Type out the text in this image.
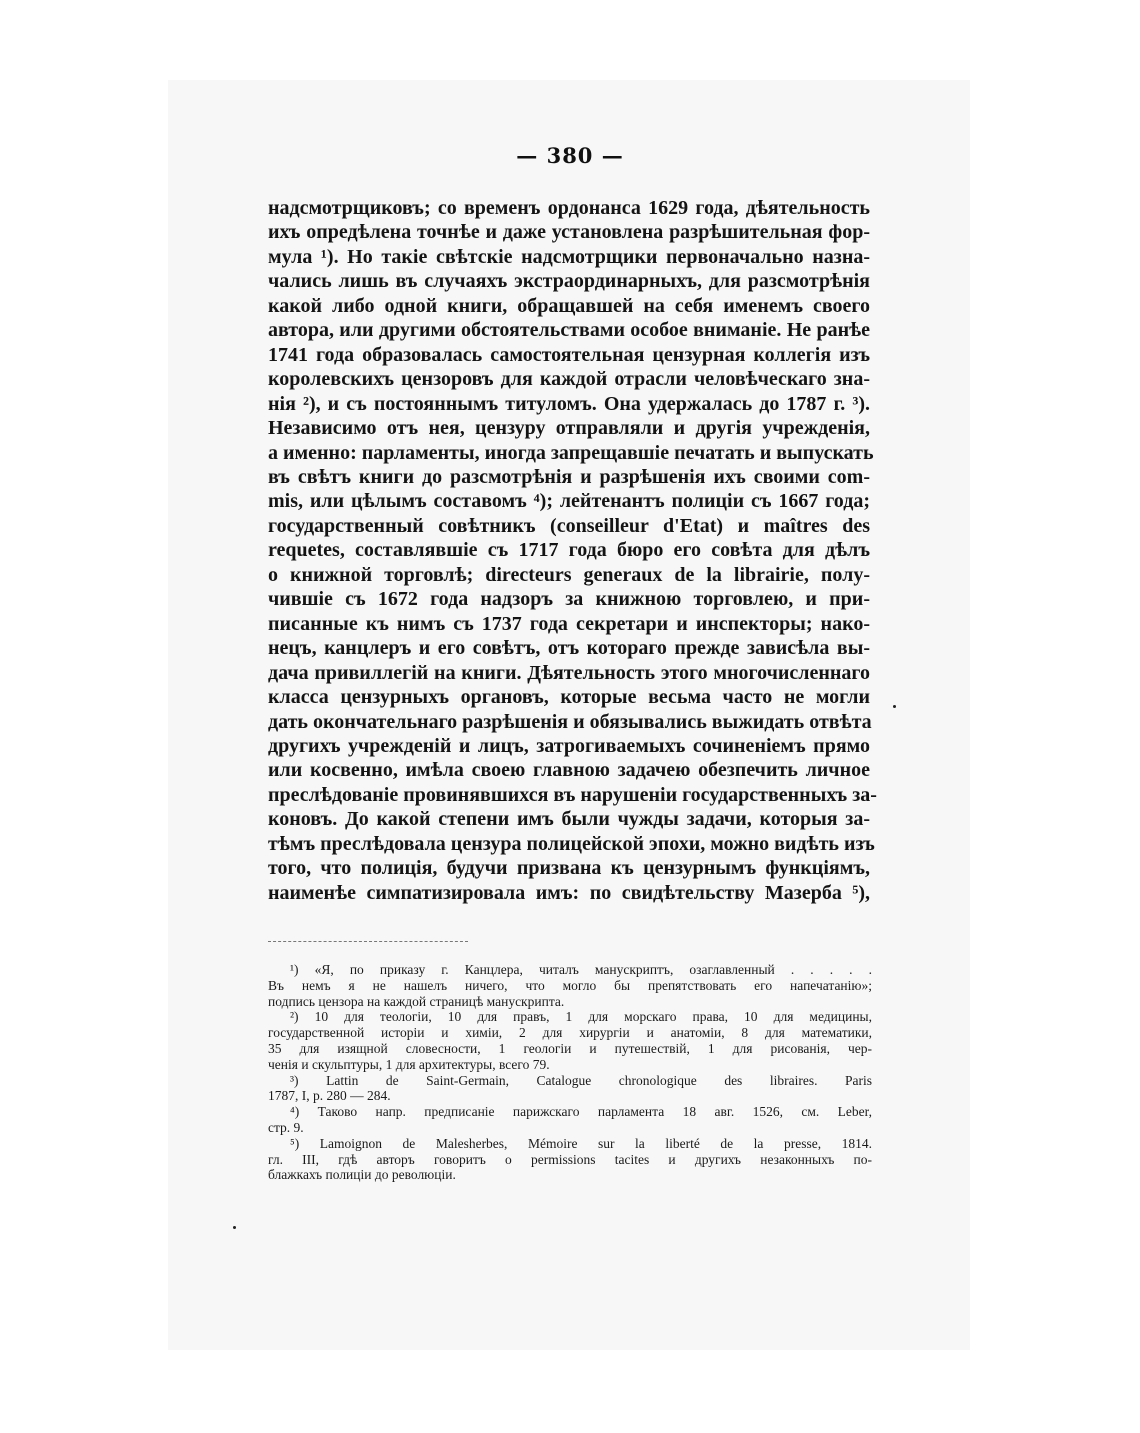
— 380 —
надсмотрщиковъ; со временъ ордонанса 1629 года, дѣятельность
ихъ опредѣлена точнѣе и даже установлена разрѣшительная фор-
мула ¹). Но такіе свѣтскіе надсмотрщики первоначально назна-
чались лишь въ случаяхъ экстраординарныхъ, для разсмотрѣнія
какой либо одной книги, обращавшей на себя именемъ своего
автора, или другими обстоятельствами особое вниманіе. Не ранѣе
1741 года образовалась самостоятельная цензурная коллегія изъ
королевскихъ цензоровъ для каждой отрасли человѣческаго зна-
нія ²), и съ постояннымъ титуломъ. Она удержалась до 1787 г. ³).
Независимо отъ нея, цензуру отправляли и другія учрежденія,
а именно: парламенты, иногда запрещавшіе печатать и выпускать
въ свѣтъ книги до разсмотрѣнія и разрѣшенія ихъ своими com-
mis, или цѣлымъ составомъ ⁴); лейтенантъ полиціи съ 1667 года;
государственный совѣтникъ (conseilleur d'Etat) и maîtres des
requetes, составлявшіе съ 1717 года бюро его совѣта для дѣлъ
о книжной торговлѣ; directeurs generaux de la librairie, полу-
чившіе съ 1672 года надзоръ за книжною торговлею, и при-
писанные къ нимъ съ 1737 года секретари и инспекторы; нако-
нецъ, канцлеръ и его совѣтъ, отъ котораго прежде зависѣла вы-
дача привиллегій на книги. Дѣятельность этого многочисленнаго
класса цензурныхъ органовъ, которые весьма часто не могли
дать окончательнаго разрѣшенія и обязывались выжидать отвѣта
другихъ учрежденій и лицъ, затрогиваемыхъ сочиненіемъ прямо
или косвенно, имѣла своею главною задачею обезпечить личное
преслѣдованіе провинявшихся въ нарушеніи государственныхъ за-
коновъ. До какой степени имъ были чужды задачи, которыя за-
тѣмъ преслѣдовала цензура полицейской эпохи, можно видѣть изъ
того, что полиція, будучи призвана къ цензурнымъ функціямъ,
наименѣе симпатизировала имъ: по свидѣтельству Мазерба ⁵),
¹) «Я, по приказу г. Канцлера, читалъ манускриптъ, озаглавленный . . . . .
Въ немъ я не нашелъ ничего, что могло бы препятствовать его напечатанію»;
подпись цензора на каждой страницѣ манускрипта.
²) 10 для теологіи, 10 для правъ, 1 для морскаго права, 10 для медицины,
государственной исторіи и химіи, 2 для хирургіи и анатоміи, 8 для математики,
35 для изящной словесности, 1 геологіи и путешествій, 1 для рисованія, чер-
ченія и скульптуры, 1 для архитектуры, всего 79.
³) Lattin de Saint-Germain, Catalogue chronologique des libraires. Paris
1787, I, p. 280 — 284.
⁴) Таково напр. предписаніе парижскаго парламента 18 авг. 1526, см. Leber,
стр. 9.
⁵) Lamoignon de Malesherbes, Mémoire sur la liberté de la presse, 1814.
гл. III, гдѣ авторъ говоритъ о permissions tacites и другихъ незаконныхъ по-
блажкахъ полиціи до революціи.
